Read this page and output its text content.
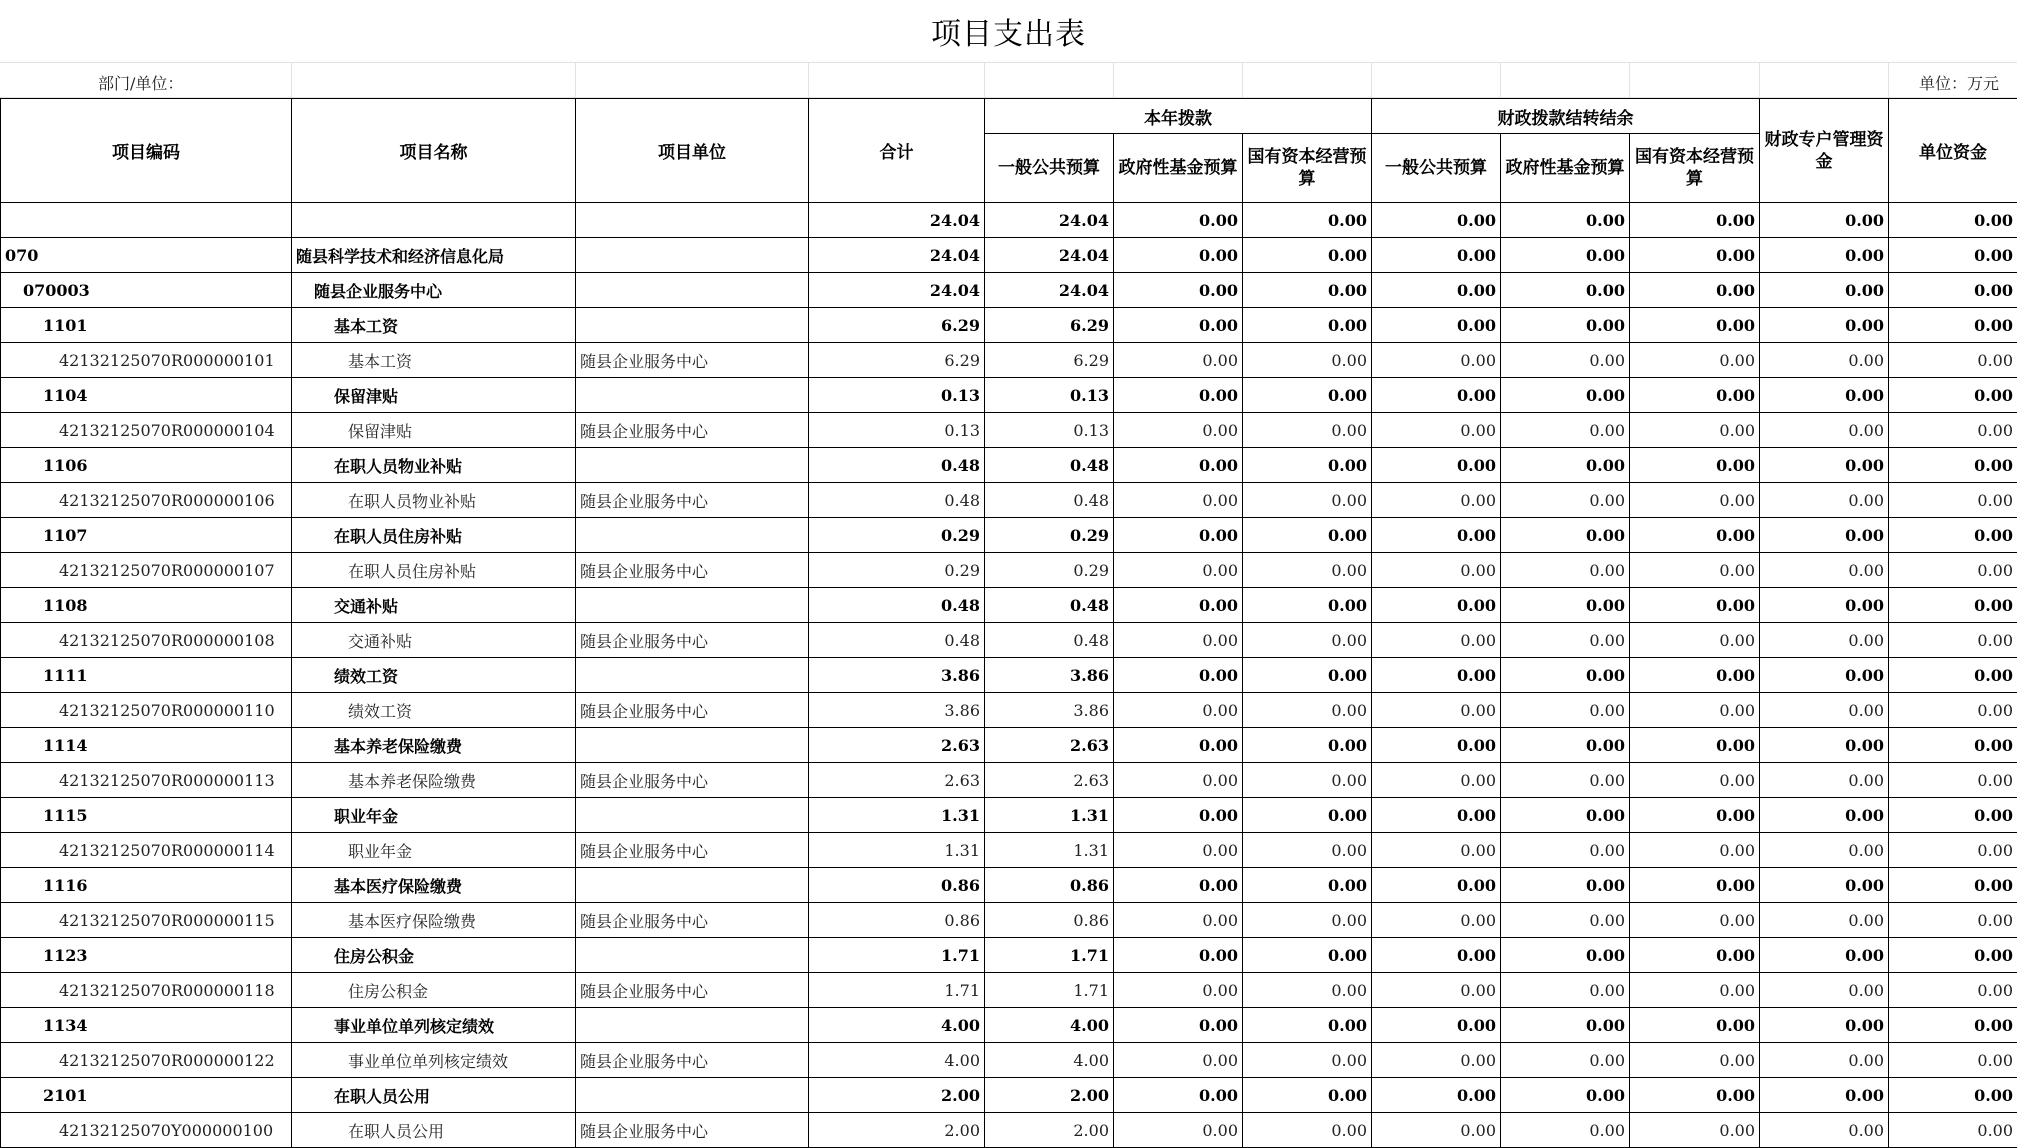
项目支出表
部门/单位：	单位：万元
项目编码	项目名称	项目单位	合计	本年拨款			财政拨款结转结余			财政专户管理资金	单位资金
				一般公共预算	政府性基金预算	国有资本经营预算	一般公共预算	政府性基金预算	国有资本经营预算		
			24.04	24.04	0.00	0.00	0.00	0.00	0.00	0.00	0.00
070	随县科学技术和经济信息化局		24.04	24.04	0.00	0.00	0.00	0.00	0.00	0.00	0.00
070003	随县企业服务中心		24.04	24.04	0.00	0.00	0.00	0.00	0.00	0.00	0.00
1101	基本工资		6.29	6.29	0.00	0.00	0.00	0.00	0.00	0.00	0.00
42132125070R000000101	基本工资	随县企业服务中心	6.29	6.29	0.00	0.00	0.00	0.00	0.00	0.00	0.00
1104	保留津贴		0.13	0.13	0.00	0.00	0.00	0.00	0.00	0.00	0.00
42132125070R000000104	保留津贴	随县企业服务中心	0.13	0.13	0.00	0.00	0.00	0.00	0.00	0.00	0.00
1106	在职人员物业补贴		0.48	0.48	0.00	0.00	0.00	0.00	0.00	0.00	0.00
42132125070R000000106	在职人员物业补贴	随县企业服务中心	0.48	0.48	0.00	0.00	0.00	0.00	0.00	0.00	0.00
1107	在职人员住房补贴		0.29	0.29	0.00	0.00	0.00	0.00	0.00	0.00	0.00
42132125070R000000107	在职人员住房补贴	随县企业服务中心	0.29	0.29	0.00	0.00	0.00	0.00	0.00	0.00	0.00
1108	交通补贴		0.48	0.48	0.00	0.00	0.00	0.00	0.00	0.00	0.00
42132125070R000000108	交通补贴	随县企业服务中心	0.48	0.48	0.00	0.00	0.00	0.00	0.00	0.00	0.00
1111	绩效工资		3.86	3.86	0.00	0.00	0.00	0.00	0.00	0.00	0.00
42132125070R000000110	绩效工资	随县企业服务中心	3.86	3.86	0.00	0.00	0.00	0.00	0.00	0.00	0.00
1114	基本养老保险缴费		2.63	2.63	0.00	0.00	0.00	0.00	0.00	0.00	0.00
42132125070R000000113	基本养老保险缴费	随县企业服务中心	2.63	2.63	0.00	0.00	0.00	0.00	0.00	0.00	0.00
1115	职业年金		1.31	1.31	0.00	0.00	0.00	0.00	0.00	0.00	0.00
42132125070R000000114	职业年金	随县企业服务中心	1.31	1.31	0.00	0.00	0.00	0.00	0.00	0.00	0.00
1116	基本医疗保险缴费		0.86	0.86	0.00	0.00	0.00	0.00	0.00	0.00	0.00
42132125070R000000115	基本医疗保险缴费	随县企业服务中心	0.86	0.86	0.00	0.00	0.00	0.00	0.00	0.00	0.00
1123	住房公积金		1.71	1.71	0.00	0.00	0.00	0.00	0.00	0.00	0.00
42132125070R000000118	住房公积金	随县企业服务中心	1.71	1.71	0.00	0.00	0.00	0.00	0.00	0.00	0.00
1134	事业单位单列核定绩效		4.00	4.00	0.00	0.00	0.00	0.00	0.00	0.00	0.00
42132125070R000000122	事业单位单列核定绩效	随县企业服务中心	4.00	4.00	0.00	0.00	0.00	0.00	0.00	0.00	0.00
2101	在职人员公用		2.00	2.00	0.00	0.00	0.00	0.00	0.00	0.00	0.00
42132125070Y000000100	在职人员公用	随县企业服务中心	2.00	2.00	0.00	0.00	0.00	0.00	0.00	0.00	0.00
